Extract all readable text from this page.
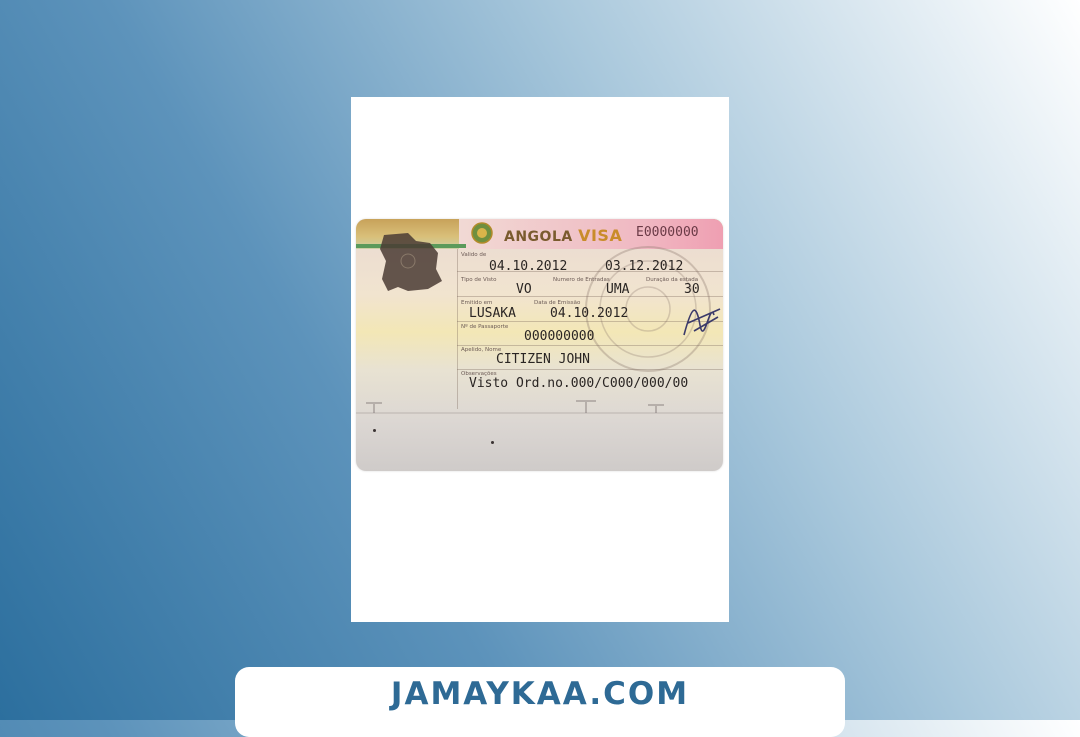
ANGOLA VISA E0000000
Valido de
04.10.2012	03.12.2012
Tipo de Visto	Numero de Entradas	Duração da estada
VO	UMA	30
Emitido em	Data de Emissão
LUSAKA	04.10.2012
Nº de Passaporte
000000000
Apelido, Nome
CITIZEN JOHN
Observações
Visto Ord.no.000/C000/000/00
JAMAYKAA.COM
